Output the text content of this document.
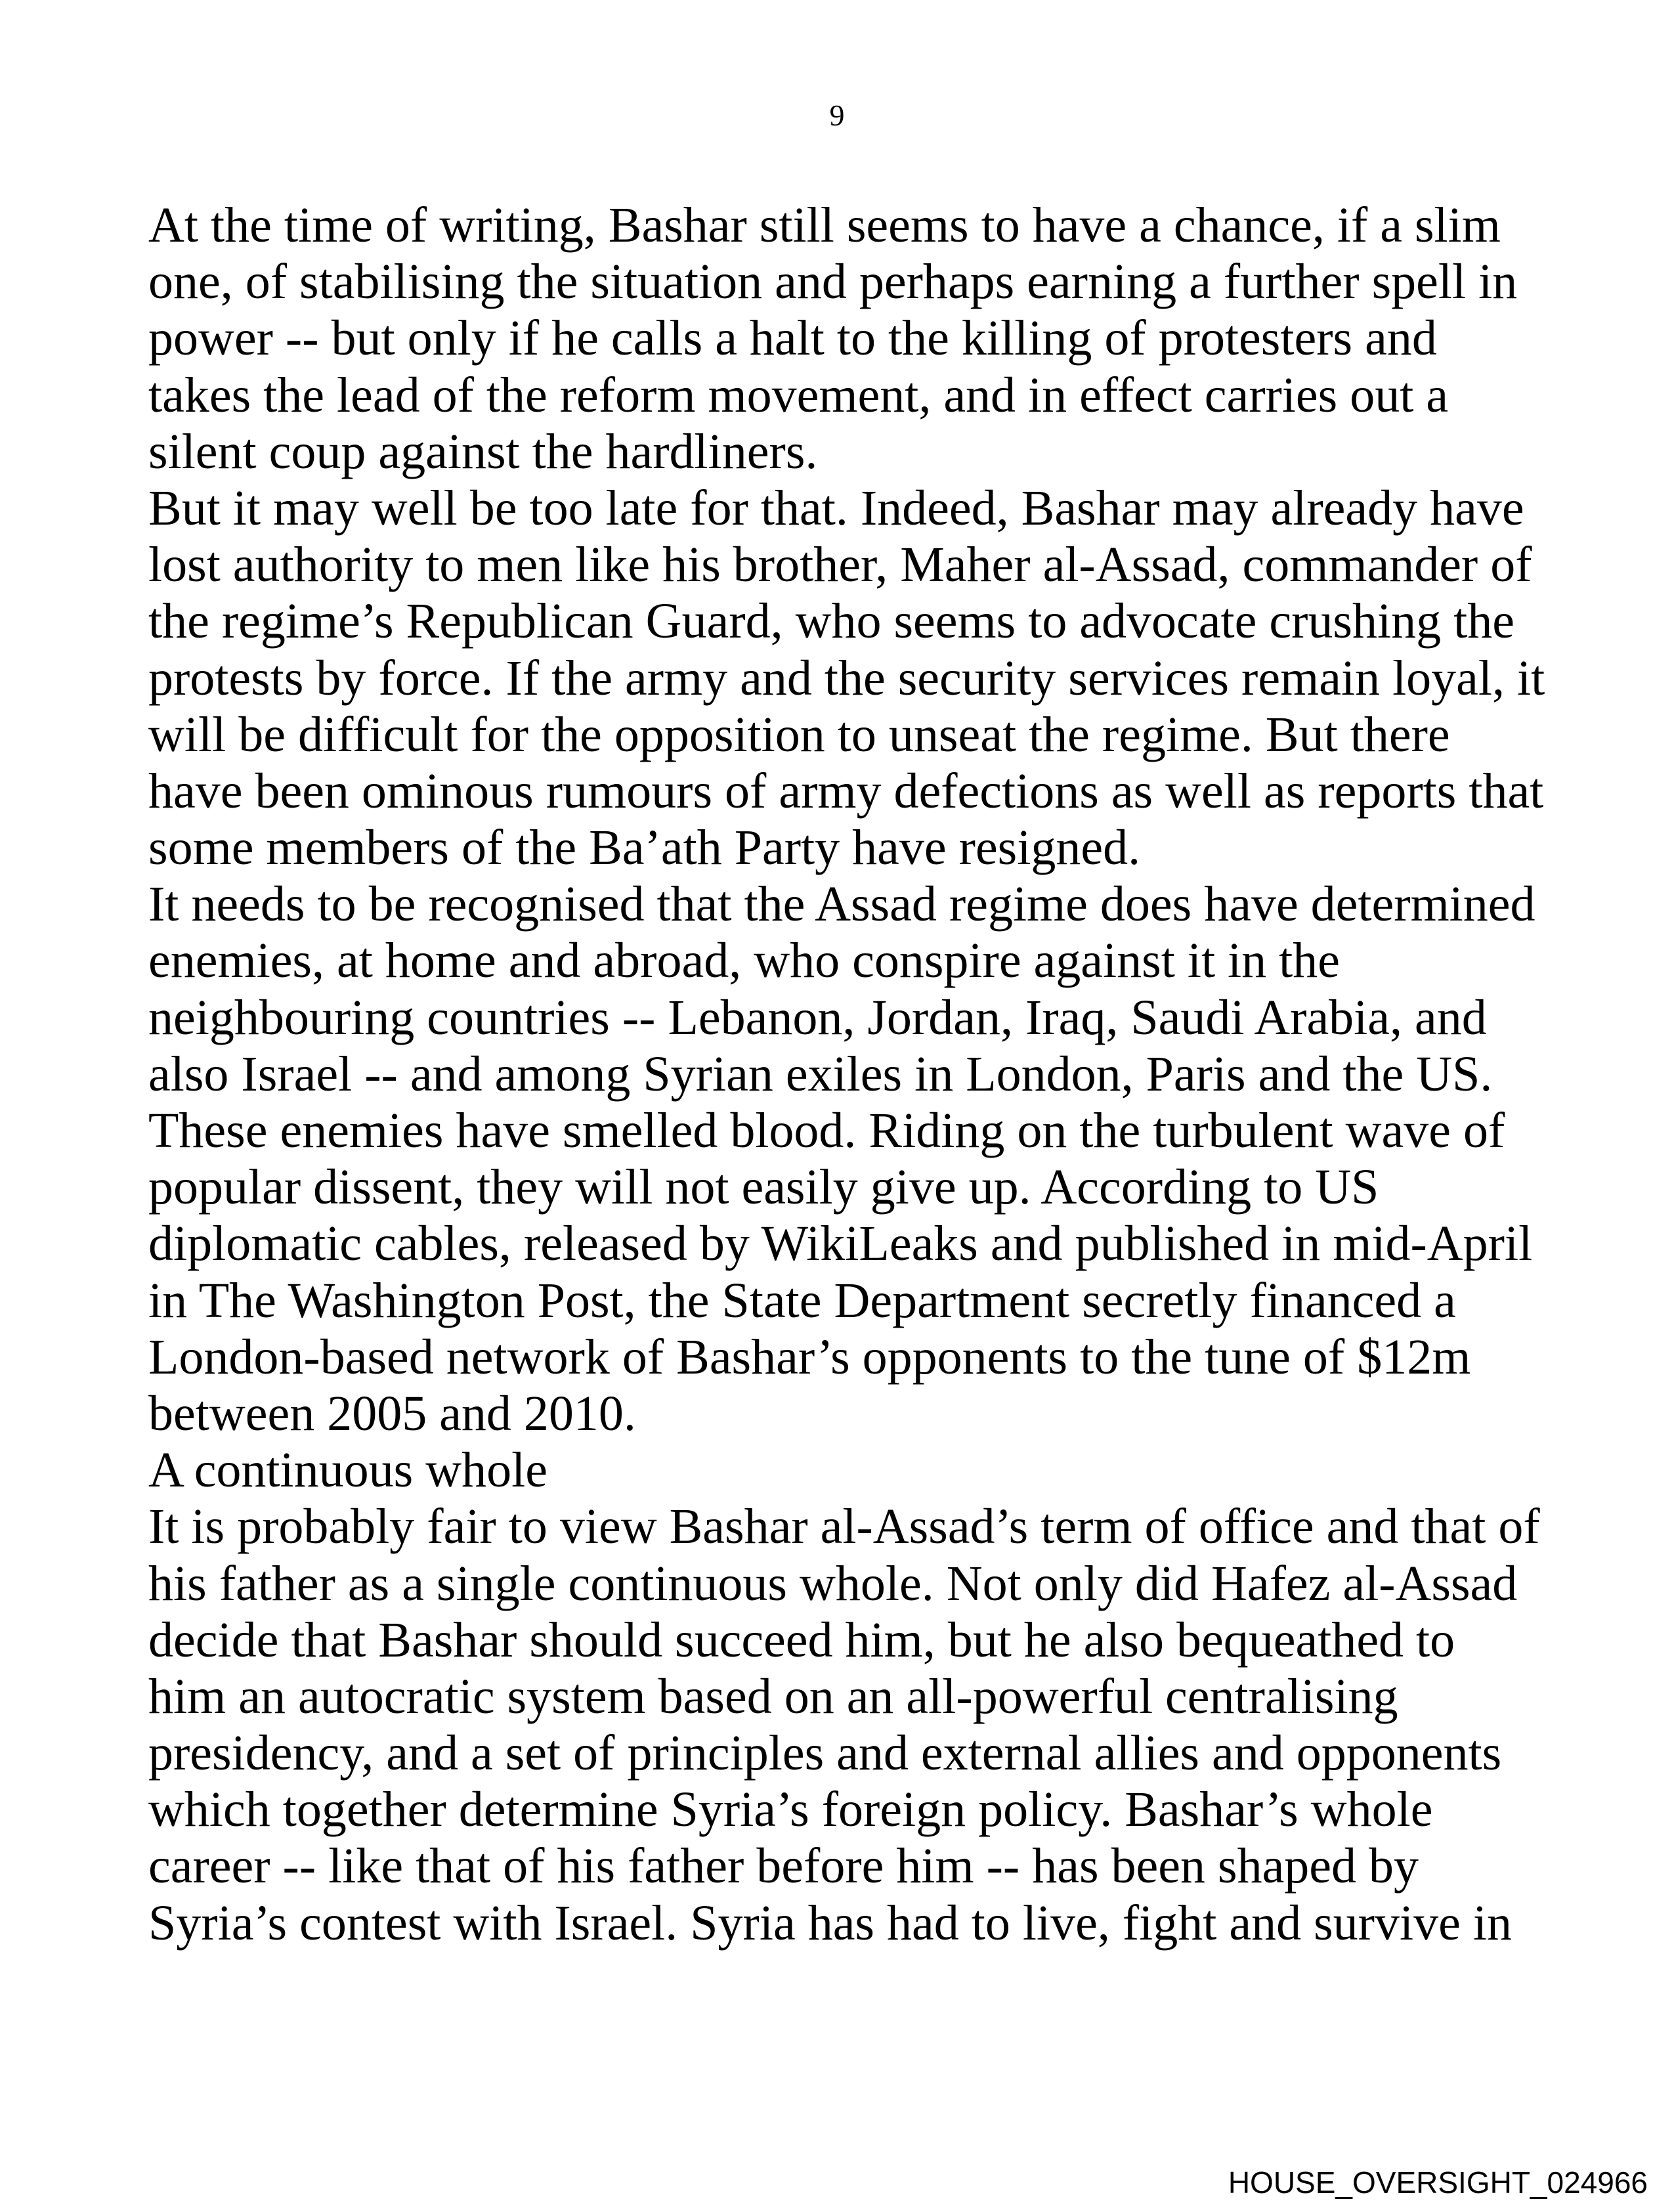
9
At the time of writing, Bashar still seems to have a chance, if a slim
one, of stabilising the situation and perhaps earning a further spell in
power -- but only if he calls a halt to the killing of protesters and
takes the lead of the reform movement, and in effect carries out a
silent coup against the hardliners.
But it may well be too late for that. Indeed, Bashar may already have
lost authority to men like his brother, Maher al-Assad, commander of
the regime’s Republican Guard, who seems to advocate crushing the
protests by force. If the army and the security services remain loyal, it
will be difficult for the opposition to unseat the regime. But there
have been ominous rumours of army defections as well as reports that
some members of the Ba’ath Party have resigned.
It needs to be recognised that the Assad regime does have determined
enemies, at home and abroad, who conspire against it in the
neighbouring countries -- Lebanon, Jordan, Iraq, Saudi Arabia, and
also Israel -- and among Syrian exiles in London, Paris and the US.
These enemies have smelled blood. Riding on the turbulent wave of
popular dissent, they will not easily give up. According to US
diplomatic cables, released by WikiLeaks and published in mid-April
in The Washington Post, the State Department secretly financed a
London-based network of Bashar’s opponents to the tune of $12m
between 2005 and 2010.
A continuous whole
It is probably fair to view Bashar al-Assad’s term of office and that of
his father as a single continuous whole. Not only did Hafez al-Assad
decide that Bashar should succeed him, but he also bequeathed to
him an autocratic system based on an all-powerful centralising
presidency, and a set of principles and external allies and opponents
which together determine Syria’s foreign policy. Bashar’s whole
career -- like that of his father before him -- has been shaped by
Syria’s contest with Israel. Syria has had to live, fight and survive in
HOUSE_OVERSIGHT_024966
